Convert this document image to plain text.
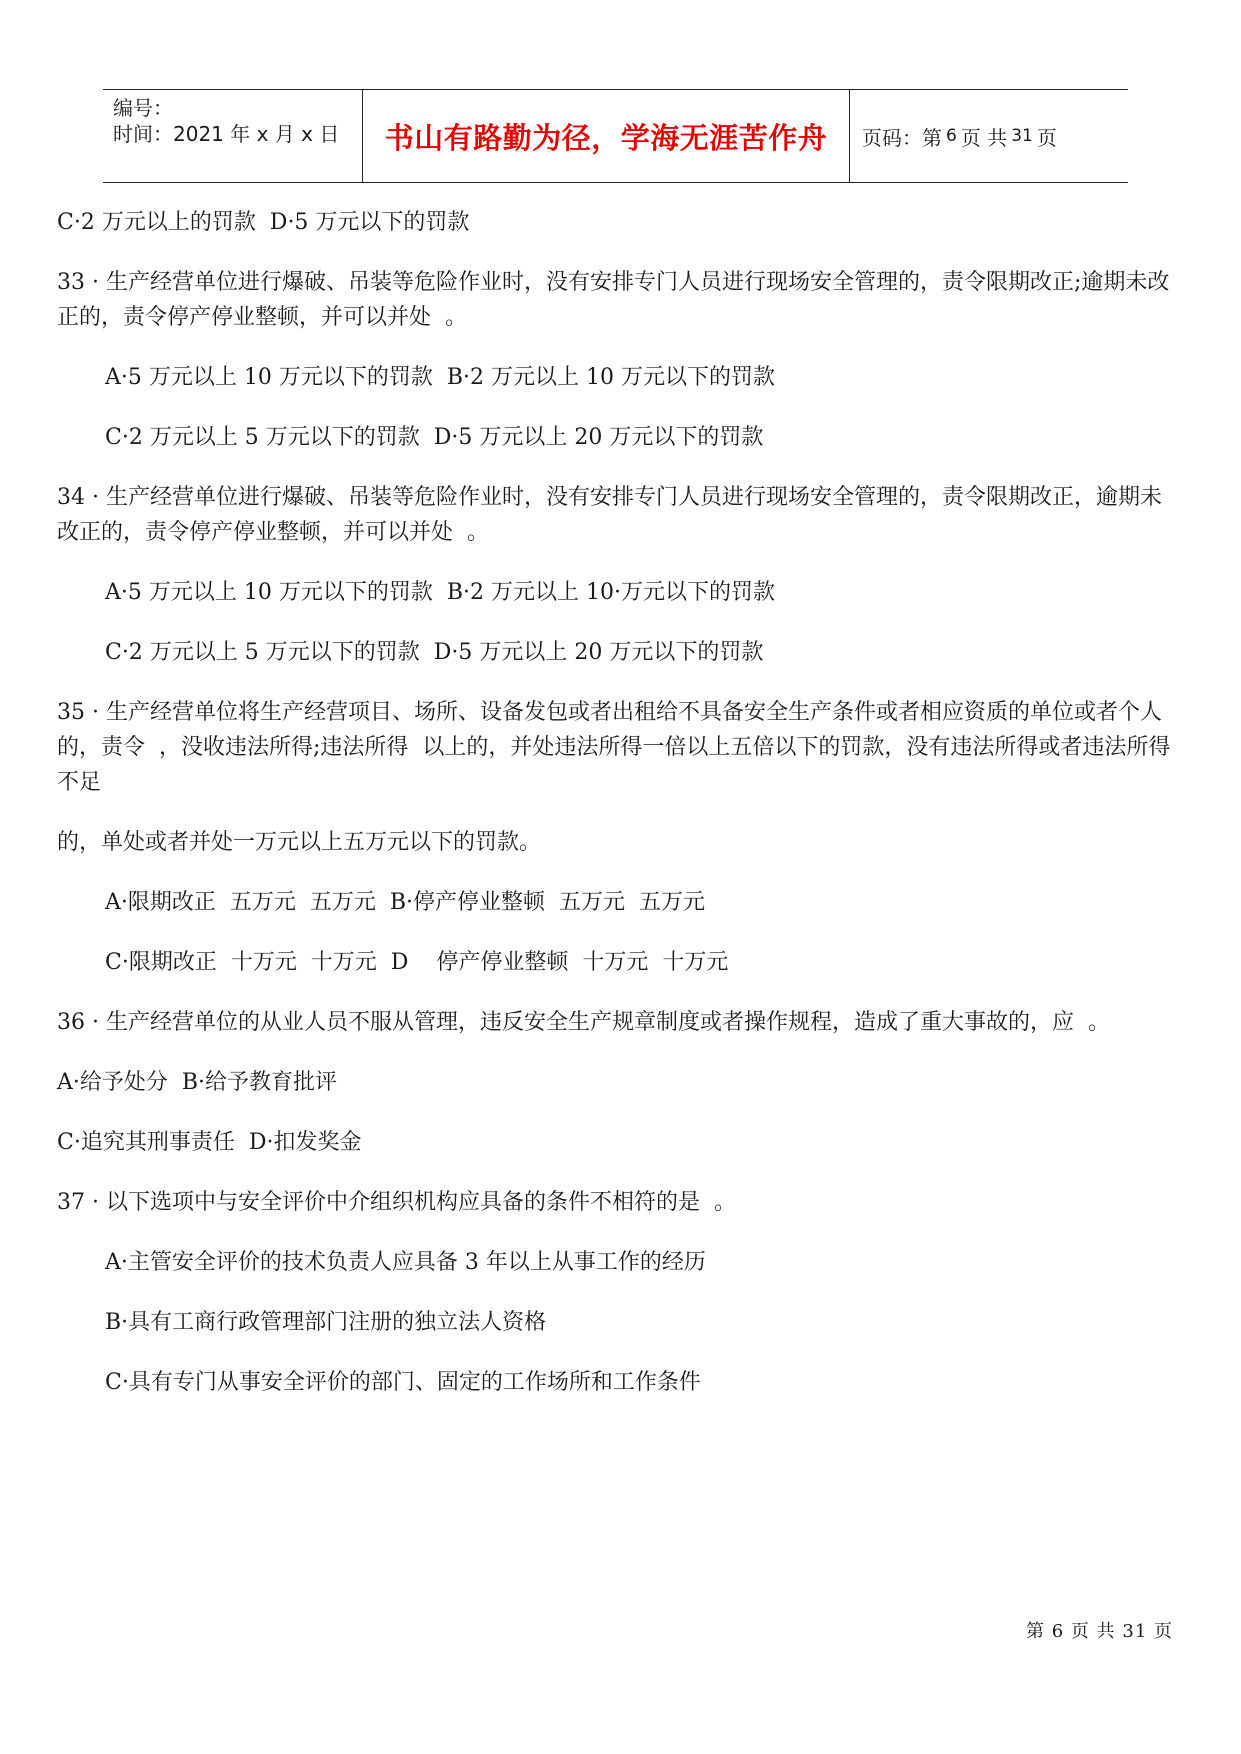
编号：
时间：2021 年 x 月 x 日	书山有路勤为径，学海无涯苦作舟	页码：第 6 页 共 31 页

C·2 万元以上的罚款  D·5 万元以下的罚款

33 · 生产经营单位进行爆破、吊装等危险作业时，没有安排专门人员进行现场安全管理的，责令限期改正;逾期未改正的，责令停产停业整顿，并可以并处  。

A·5 万元以上 10 万元以下的罚款  B·2 万元以上 10 万元以下的罚款

C·2 万元以上 5 万元以下的罚款  D·5 万元以上 20 万元以下的罚款

34 · 生产经营单位进行爆破、吊装等危险作业时，没有安排专门人员进行现场安全管理的，责令限期改正，逾期未改正的，责令停产停业整顿，并可以并处  。

A·5 万元以上 10 万元以下的罚款  B·2 万元以上 10·万元以下的罚款

C·2 万元以上 5 万元以下的罚款  D·5 万元以上 20 万元以下的罚款

35 · 生产经营单位将生产经营项目、场所、设备发包或者出租给不具备安全生产条件或者相应资质的单位或者个人的，责令  ，没收违法所得;违法所得  以上的，并处违法所得一倍以上五倍以下的罚款，没有违法所得或者违法所得不足

的，单处或者并处一万元以上五万元以下的罚款。

A·限期改正  五万元  五万元  B·停产停业整顿  五万元  五万元

C·限期改正  十万元  十万元  D    停产停业整顿  十万元  十万元

36 · 生产经营单位的从业人员不服从管理，违反安全生产规章制度或者操作规程，造成了重大事故的，应  。

A·给予处分  B·给予教育批评

C·追究其刑事责任  D·扣发奖金

37 · 以下选项中与安全评价中介组织机构应具备的条件不相符的是  。

A·主管安全评价的技术负责人应具备 3 年以上从事工作的经历

B·具有工商行政管理部门注册的独立法人资格

C·具有专门从事安全评价的部门、固定的工作场所和工作条件

第 6 页 共 31 页
